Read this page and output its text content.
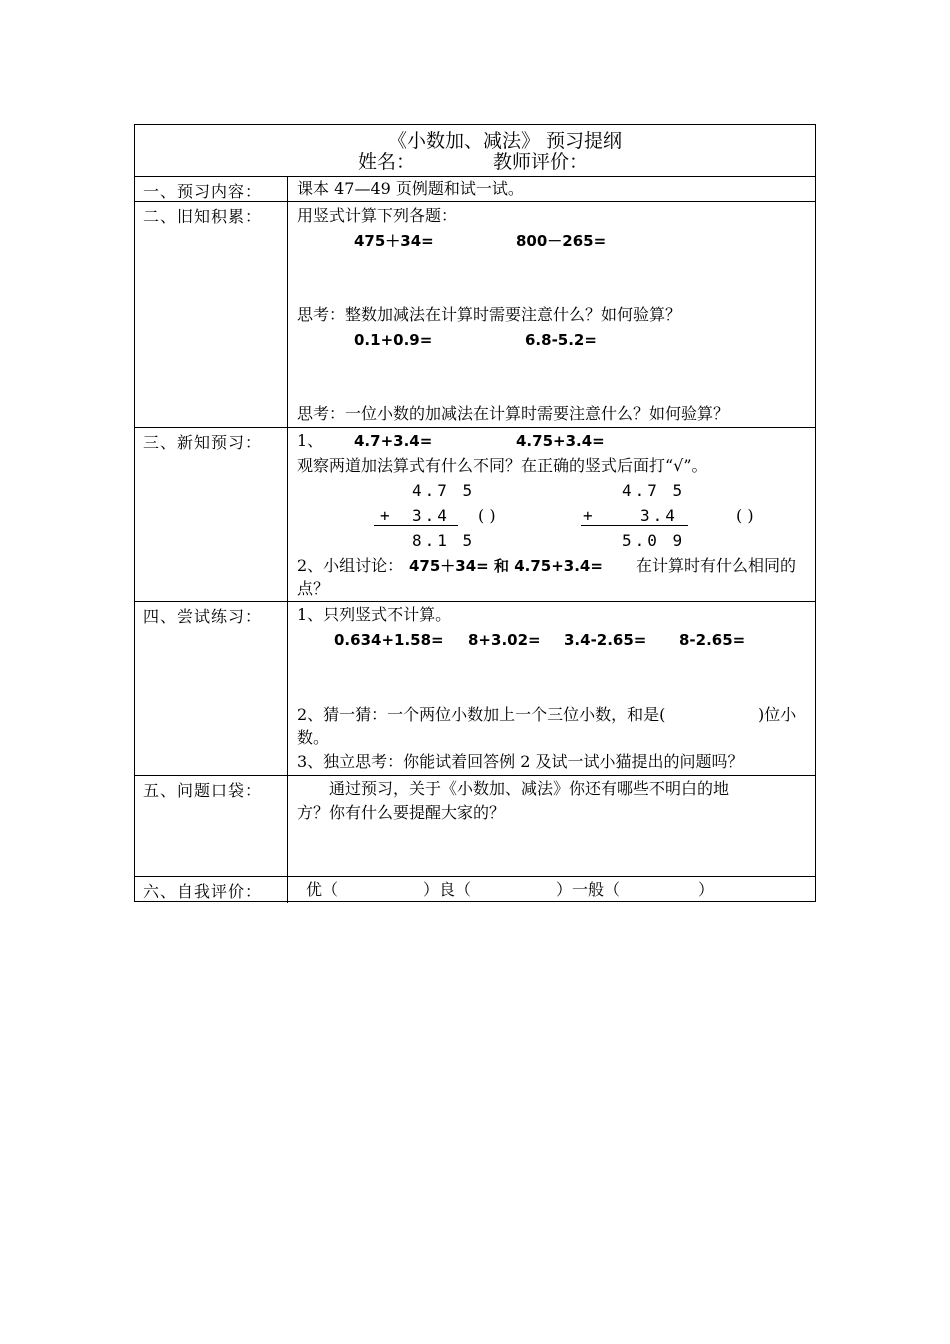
《小数加、减法》 预习提纲
姓名：	教师评价：
一、预习内容：	课本 47—49 页例题和试一试。
二、旧知积累：	用竖式计算下列各题：
475＋34=	800－265=
思考：整数加减法在计算时需要注意什么？如何验算？
0.1+0.9=	6.8-5.2=
思考：一位小数的加减法在计算时需要注意什么？如何验算？
三、新知预习：	1、 4.7+3.4=	4.75+3.4=
观察两道加法算式有什么不同？在正确的竖式后面打“√”。
4.7 5
+ 3.4 ( )
8.1 5
4.7 5
+	3.4	( )
5.0 9
2、小组讨论： 475＋34= 和 4.75+3.4= 在计算时有什么相同的
点？
四、尝试练习：	1、只列竖式不计算。
0.634+1.58= 8+3.02= 3.4-2.65= 8-2.65=
2、猜一猜：一个两位小数加上一个三位小数，和是(	)位小
数。
3、独立思考：你能试着回答例 2 及试一试小猫提出的问题吗？
五、问题口袋：	通过预习，关于《小数加、减法》你还有哪些不明白的地
方？你有什么要提醒大家的？
六、自我评价：	优（	）良（	）一般（	）
